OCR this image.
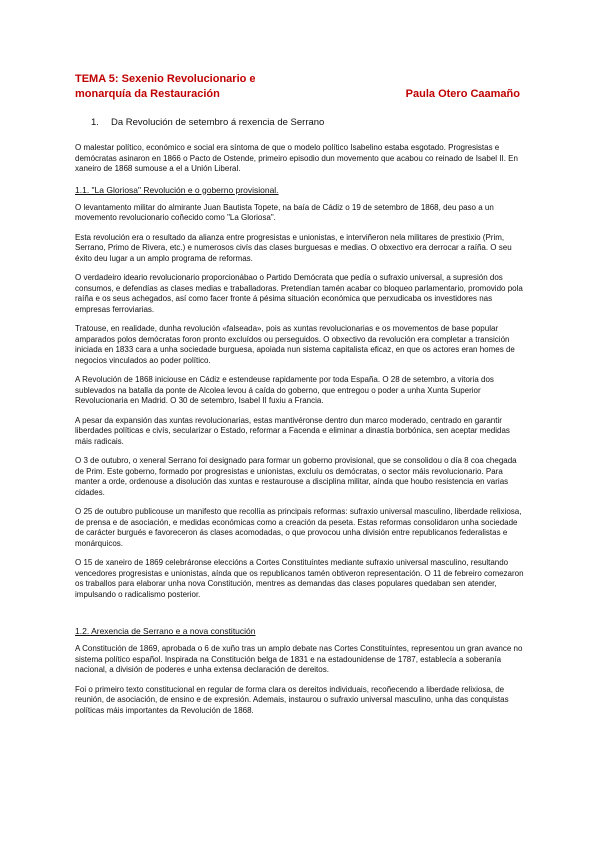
TEMA 5: Sexenio Revolucionario e
monarquía da Restauración	Paula Otero Caamaño
1. Da Revolución de setembro á rexencia de Serrano

O malestar político, económico e social era síntoma de que o modelo político Isabelino estaba esgotado. Progresistas e demócratas asinaron en 1866 o Pacto de Ostende, primeiro episodio dun movemento que acabou co reinado de Isabel II. En xaneiro de 1868 sumouse a el a Unión Liberal.

1.1. "La Gloriosa" Revolución e o goberno provisional.

O levantamento militar do almirante Juan Bautista Topete, na baía de Cádiz o 19 de setembro de 1868, deu paso a un movemento revolucionario coñecido como "La Gloriosa".

Esta revolución era o resultado da alianza entre progresistas e unionistas, e interviñeron nela militares de prestixio (Prim, Serrano, Primo de Rivera, etc.) e numerosos civís das clases burguesas e medias. O obxectivo era derrocar a raíña. O seu éxito deu lugar a un amplo programa de reformas.

O verdadeiro ideario revolucionario proporcionábao o Partido Demócrata que pedía o sufraxio universal, a supresión dos consumos, e defendías as clases medias e traballadoras. Pretendían tamén acabar co bloqueo parlamentario, promovido pola raíña e os seus achegados, así como facer fronte á pésima situación económica que perxudicaba os investidores nas empresas ferroviarias.

Tratouse, en realidade, dunha revolución «falseada», pois as xuntas revolucionarias e os movementos de base popular amparados polos demócratas foron pronto excluídos ou perseguidos. O obxectivo da revolución era completar a transición iniciada en 1833 cara a unha sociedade burguesa, apoiada nun sistema capitalista eficaz, en que os actores eran homes de negocios vinculados ao poder político.

A Revolución de 1868 iniciouse en Cádiz e estendeuse rapidamente por toda España. O 28 de setembro, a vitoria dos sublevados na batalla da ponte de Alcolea levou á caída do goberno, que entregou o poder a unha Xunta Superior Revolucionaria en Madrid. O 30 de setembro, Isabel II fuxiu a Francia.

A pesar da expansión das xuntas revolucionarias, estas mantivéronse dentro dun marco moderado, centrado en garantir liberdades políticas e civís, secularizar o Estado, reformar a Facenda e eliminar a dinastía borbónica, sen aceptar medidas máis radicais.

O 3 de outubro, o xeneral Serrano foi designado para formar un goberno provisional, que se consolidou o día 8 coa chegada de Prim. Este goberno, formado por progresistas e unionistas, excluíu os demócratas, o sector máis revolucionario. Para manter a orde, ordenouse a disolución das xuntas e restaurouse a disciplina militar, aínda que houbo resistencia en varias cidades.

O 25 de outubro publicouse un manifesto que recollía as principais reformas: sufraxio universal masculino, liberdade relixiosa, de prensa e de asociación, e medidas económicas como a creación da peseta. Estas reformas consolidaron unha sociedade de carácter burgués e favoreceron ás clases acomodadas, o que provocou unha división entre republicanos federalistas e monárquicos.

O 15 de xaneiro de 1869 celebráronse eleccións a Cortes Constituíntes mediante sufraxio universal masculino, resultando vencedores progresistas e unionistas, aínda que os republicanos tamén obtiveron representación. O 11 de febreiro comezaron os traballos para elaborar unha nova Constitución, mentres as demandas das clases populares quedaban sen atender, impulsando o radicalismo posterior.

1.2. Arexencia de Serrano e a nova constitución

A Constitución de 1869, aprobada o 6 de xuño tras un amplo debate nas Cortes Constituíntes, representou un gran avance no sistema político español. Inspirada na Constitución belga de 1831 e na estadounidense de 1787, establecía a soberanía nacional, a división de poderes e unha extensa declaración de dereitos.

Foi o primeiro texto constitucional en regular de forma clara os dereitos individuais, recoñecendo a liberdade relixiosa, de reunión, de asociación, de ensino e de expresión. Ademais, instaurou o sufraxio universal masculino, unha das conquistas políticas máis importantes da Revolución de 1868.
